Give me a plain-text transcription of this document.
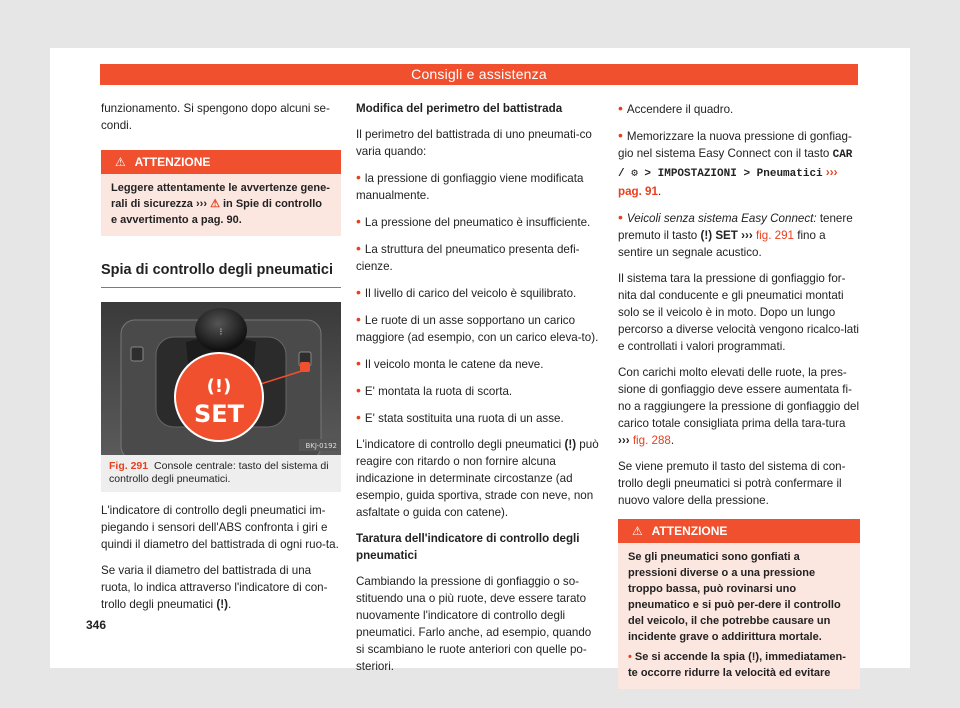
Consigli e assistenza

funzionamento. Si spengono dopo alcuni se-condi.

⚠ ATTENZIONE
Leggere attentamente le avvertenze gene-rali di sicurezza ››› ⚠ in Spie di controllo e avvertimento a pag. 90.
Spia di controllo degli pneumatici
⁝
(!)
SET
BKJ-0192
Fig. 291 Console centrale: tasto del sistema di controllo degli pneumatici.

L'indicatore di controllo degli pneumatici im-piegando i sensori dell'ABS confronta i giri e quindi il diametro del battistrada di ogni ruo-ta.

Se varia il diametro del battistrada di una ruota, lo indica attraverso l'indicatore di con-trollo degli pneumatici (!).

Modifica del perimetro del battistrada

Il perimetro del battistrada di uno pneumati-co varia quando:

• la pressione di gonfiaggio viene modificata manualmente.

• La pressione del pneumatico è insufficiente.

• La struttura del pneumatico presenta defi-cienze.

• Il livello di carico del veicolo è squilibrato.

• Le ruote di un asse sopportano un carico maggiore (ad esempio, con un carico eleva-to).

• Il veicolo monta le catene da neve.

• E' montata la ruota di scorta.

• E' stata sostituita una ruota di un asse.

L'indicatore di controllo degli pneumatici (!) può reagire con ritardo o non fornire alcuna indicazione in determinate circostanze (ad esempio, guida sportiva, strade con neve, non asfaltate o guida con catene).

Taratura dell'indicatore di controllo degli pneumatici

Cambiando la pressione di gonfiaggio o so-stituendo una o più ruote, deve essere tarato nuovamente l'indicatore di controllo degli pneumatici. Farlo anche, ad esempio, quando si scambiano le ruote anteriori con quelle po-steriori.

• Accendere il quadro.

• Memorizzare la nuova pressione di gonfiag-gio nel sistema Easy Connect con il tasto CAR / ⚙ > IMPOSTAZIONI > Pneumatici ››› pag. 91.

• Veicoli senza sistema Easy Connect: tenere premuto il tasto (!) SET ››› fig. 291 fino a sentire un segnale acustico.

Il sistema tara la pressione di gonfiaggio for-nita dal conducente e gli pneumatici montati solo se il veicolo è in moto. Dopo un lungo percorso a diverse velocità vengono ricalco-lati e controllati i valori programmati.

Con carichi molto elevati delle ruote, la pres-sione di gonfiaggio deve essere aumentata fi-no a raggiungere la pressione di gonfiaggio del carico totale consigliata prima della tara-tura ››› fig. 288.

Se viene premuto il tasto del sistema di con-trollo degli pneumatici si potrà confermare il nuovo valore della pressione.

⚠ ATTENZIONE
Se gli pneumatici sono gonfiati a pressioni diverse o a una pressione troppo bassa, può rovinarsi uno pneumatico e si può per-dere il controllo del veicolo, il che potrebbe causare un incidente grave o addirittura mortale.
• Se si accende la spia (!), immediatamen-te occorre ridurre la velocità ed evitare
346
